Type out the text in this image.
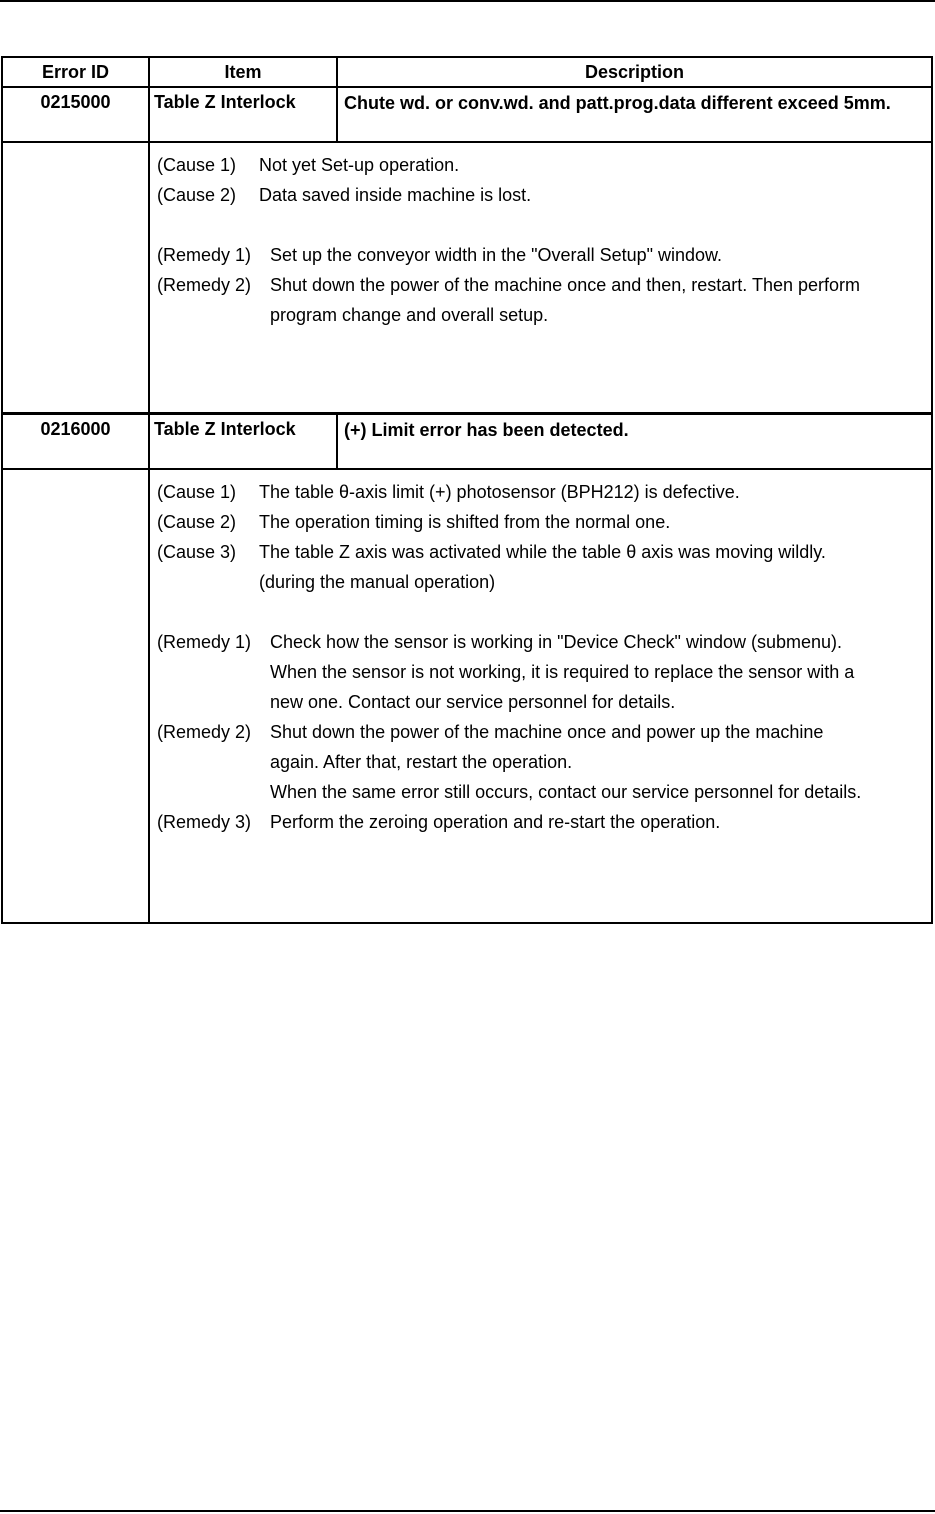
Error ID	Item	Description
0215000	Table Z Interlock	Chute wd. or conv.wd. and patt.prog.data different exceed 5mm.
(Cause 1)	Not yet Set-up operation.
(Cause 2)	Data saved inside machine is lost.
(Remedy 1)	Set up the conveyor width in the "Overall Setup" window.
(Remedy 2)	Shut down the power of the machine once and then, restart. Then perform
program change and overall setup.
0216000	Table Z Interlock	(+) Limit error has been detected.
(Cause 1)	The table θ-axis limit (+) photosensor (BPH212) is defective.
(Cause 2)	The operation timing is shifted from the normal one.
(Cause 3)	The table Z axis was activated while the table θ axis was moving wildly.
(during the manual operation)
(Remedy 1)	Check how the sensor is working in "Device Check" window (submenu).
When the sensor is not working, it is required to replace the sensor with a
new one. Contact our service personnel for details.
(Remedy 2)	Shut down the power of the machine once and power up the machine
again. After that, restart the operation.
When the same error still occurs, contact our service personnel for details.
(Remedy 3)	Perform the zeroing operation and re-start the operation.
